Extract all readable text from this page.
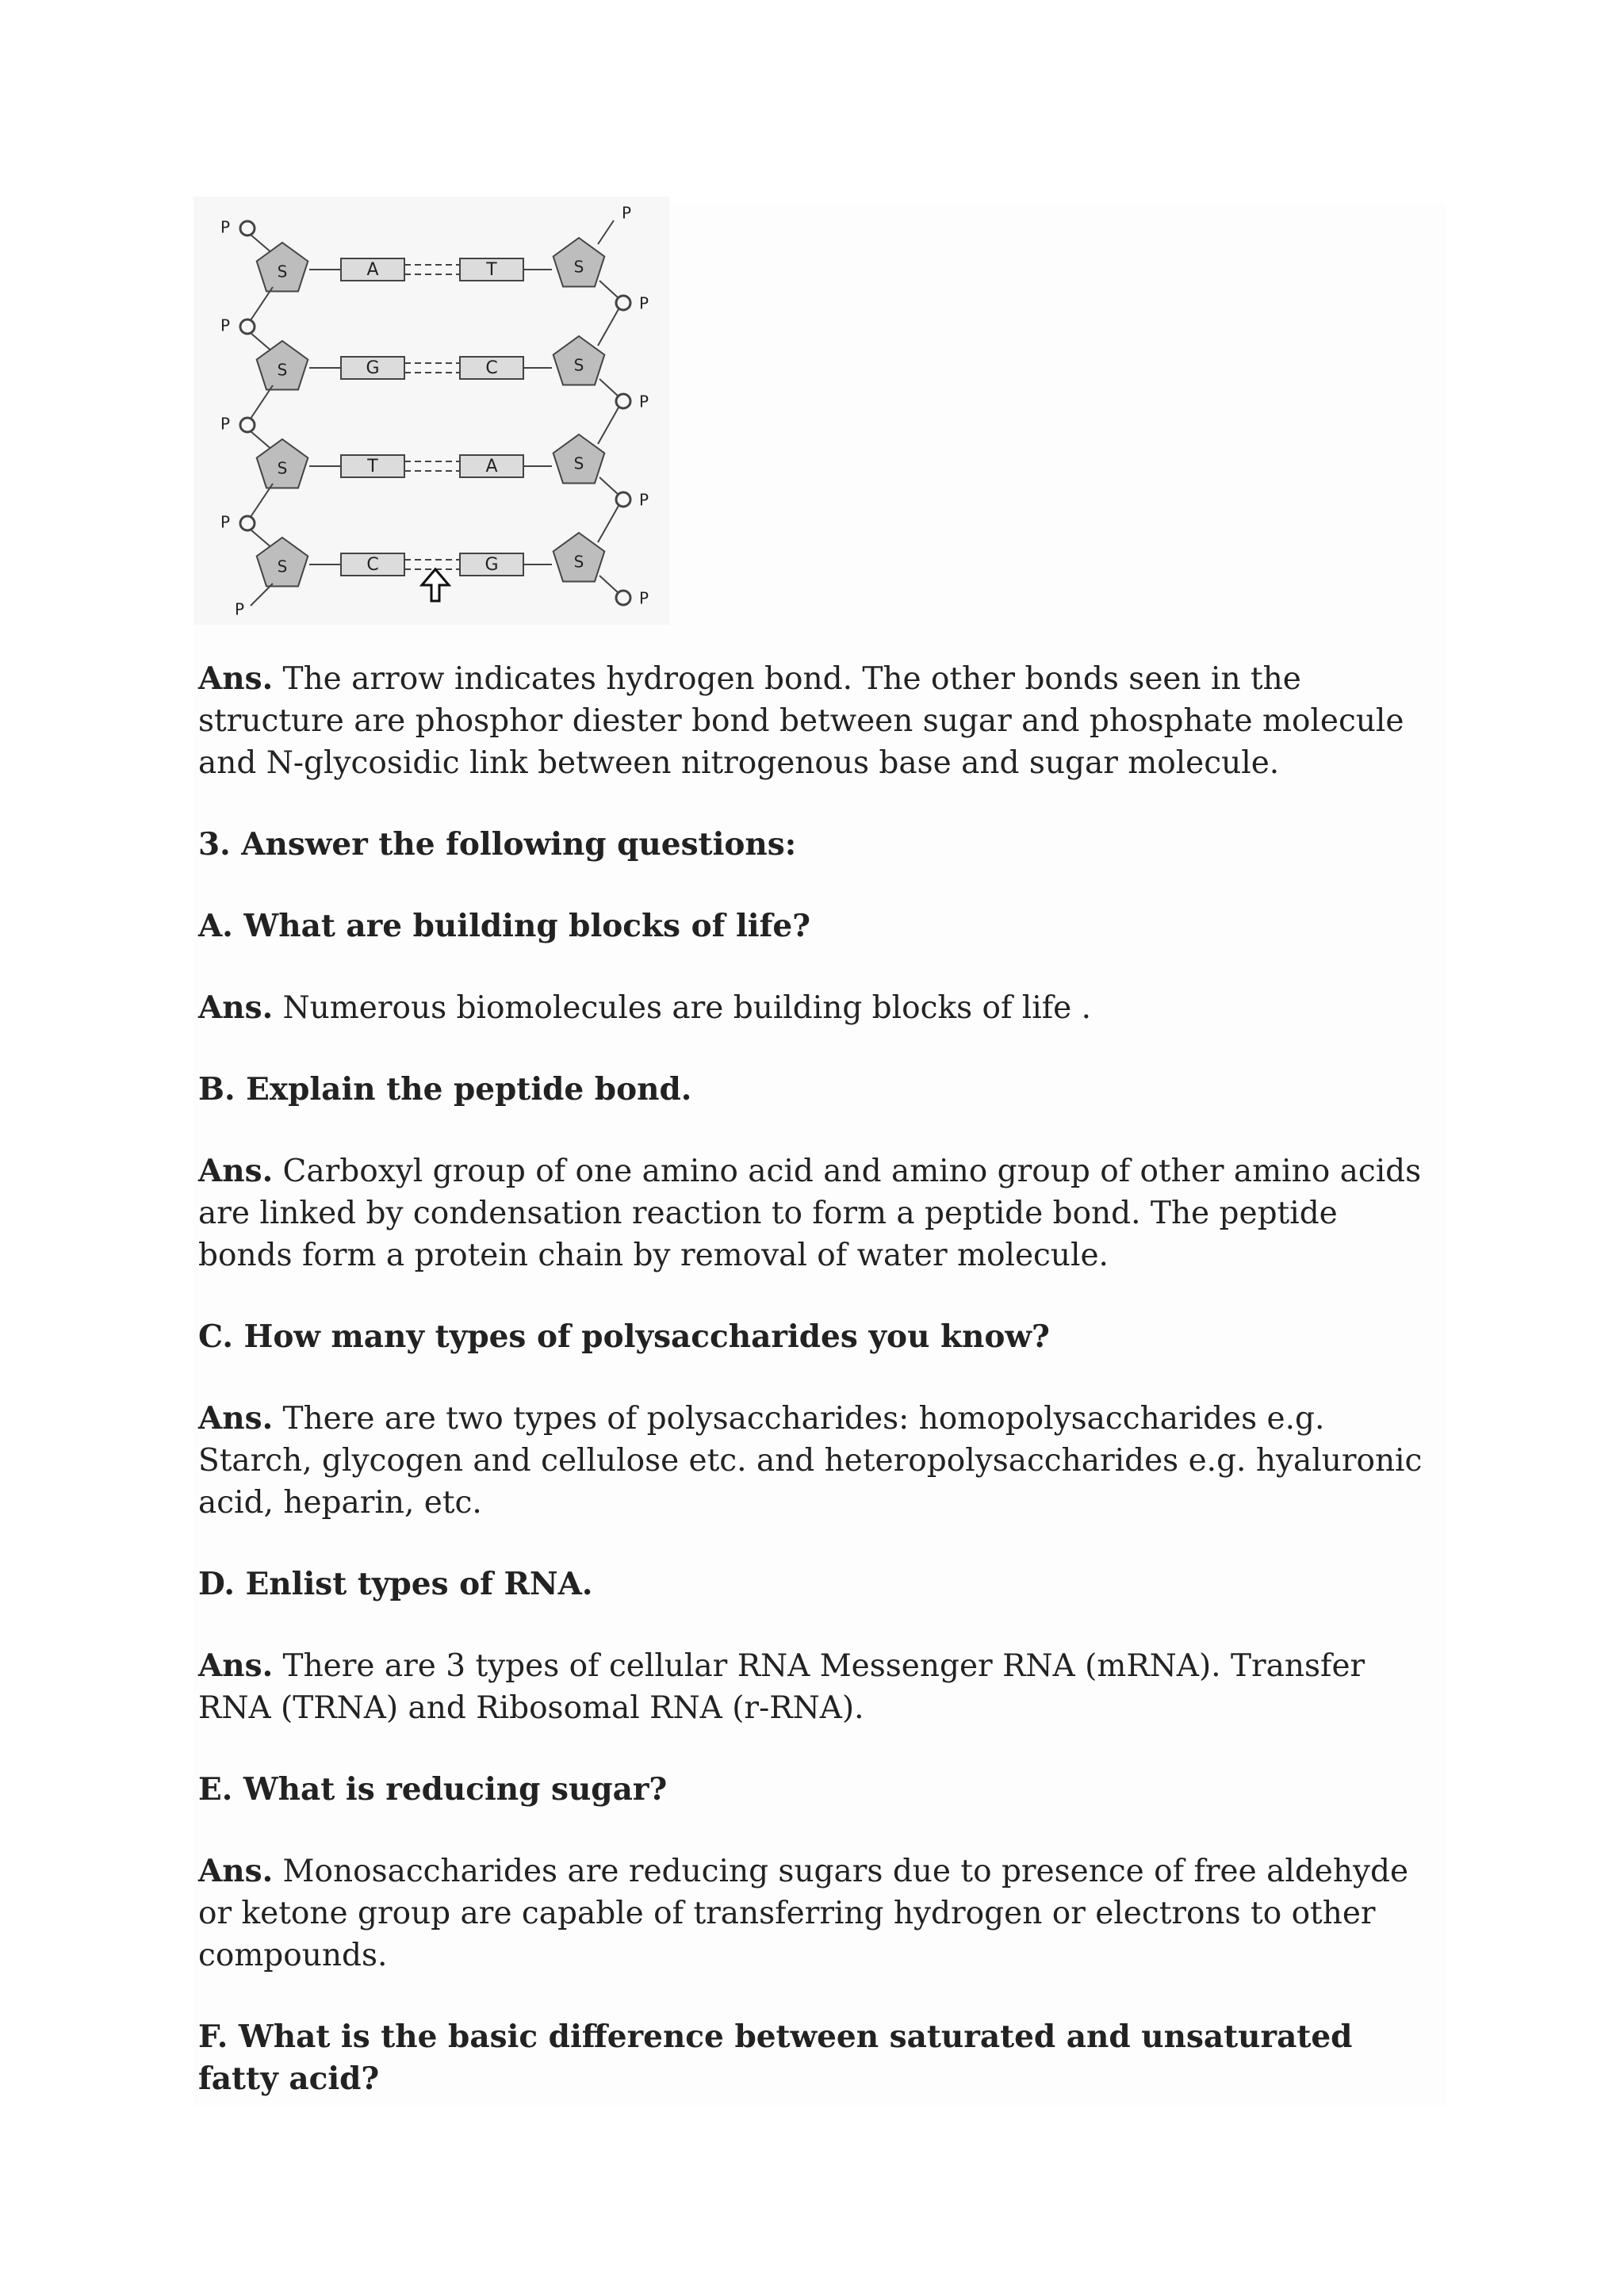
P
S	A	T	S
P
P
S	G	C	S
P
P
S	T	A	S
P
P
S	C	G	S
P
P
P

Ans. The arrow indicates hydrogen bond. The other bonds seen in the structure are phosphor diester bond between sugar and phosphate molecule and N-glycosidic link between nitrogenous base and sugar molecule.

3. Answer the following questions:

A. What are building blocks of life?

Ans. Numerous biomolecules are building blocks of life .

B. Explain the peptide bond.

Ans. Carboxyl group of one amino acid and amino group of other amino acids are linked by condensation reaction to form a peptide bond. The peptide bonds form a protein chain by removal of water molecule.

C. How many types of polysaccharides you know?

Ans. There are two types of polysaccharides: homopolysaccharides e.g. Starch, glycogen and cellulose etc. and heteropolysaccharides e.g. hyaluronic acid, heparin, etc.

D. Enlist types of RNA.

Ans. There are 3 types of cellular RNA Messenger RNA (mRNA). Transfer RNA (TRNA) and Ribosomal RNA (r-RNA).

E. What is reducing sugar?

Ans. Monosaccharides are reducing sugars due to presence of free aldehyde or ketone group are capable of transferring hydrogen or electrons to other compounds.

F. What is the basic difference between saturated and unsaturated fatty acid?
